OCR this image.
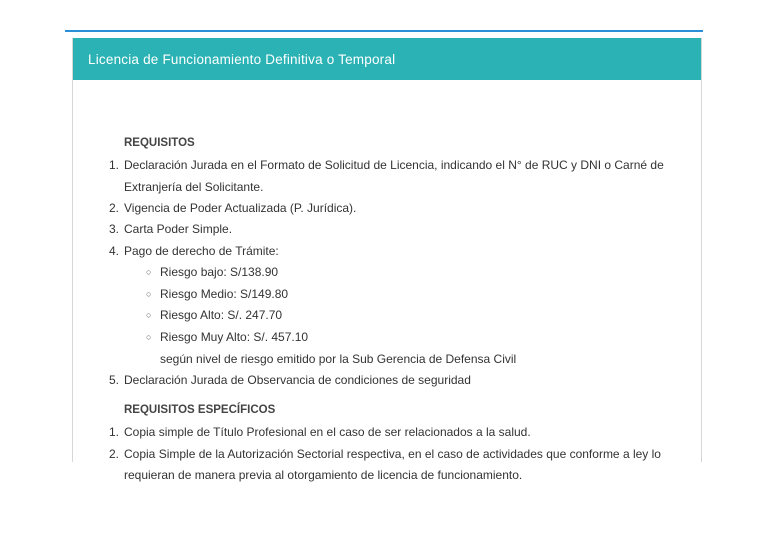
Licencia de Funcionamiento Definitiva o Temporal
REQUISITOS
1. Declaración Jurada en el Formato de Solicitud de Licencia, indicando el N° de RUC y DNI o Carné de
Extranjería del Solicitante.
2. Vigencia de Poder Actualizada (P. Jurídica).
3. Carta Poder Simple.
4. Pago de derecho de Trámite:
○ Riesgo bajo: S/138.90
○ Riesgo Medio: S/149.80
○ Riesgo Alto: S/. 247.70
○ Riesgo Muy Alto: S/. 457.10
según nivel de riesgo emitido por la Sub Gerencia de Defensa Civil
5. Declaración Jurada de Observancia de condiciones de seguridad
REQUISITOS ESPECÍFICOS
1. Copia simple de Título Profesional en el caso de ser relacionados a la salud.
2. Copia Simple de la Autorización Sectorial respectiva, en el caso de actividades que conforme a ley lo
requieran de manera previa al otorgamiento de licencia de funcionamiento.
